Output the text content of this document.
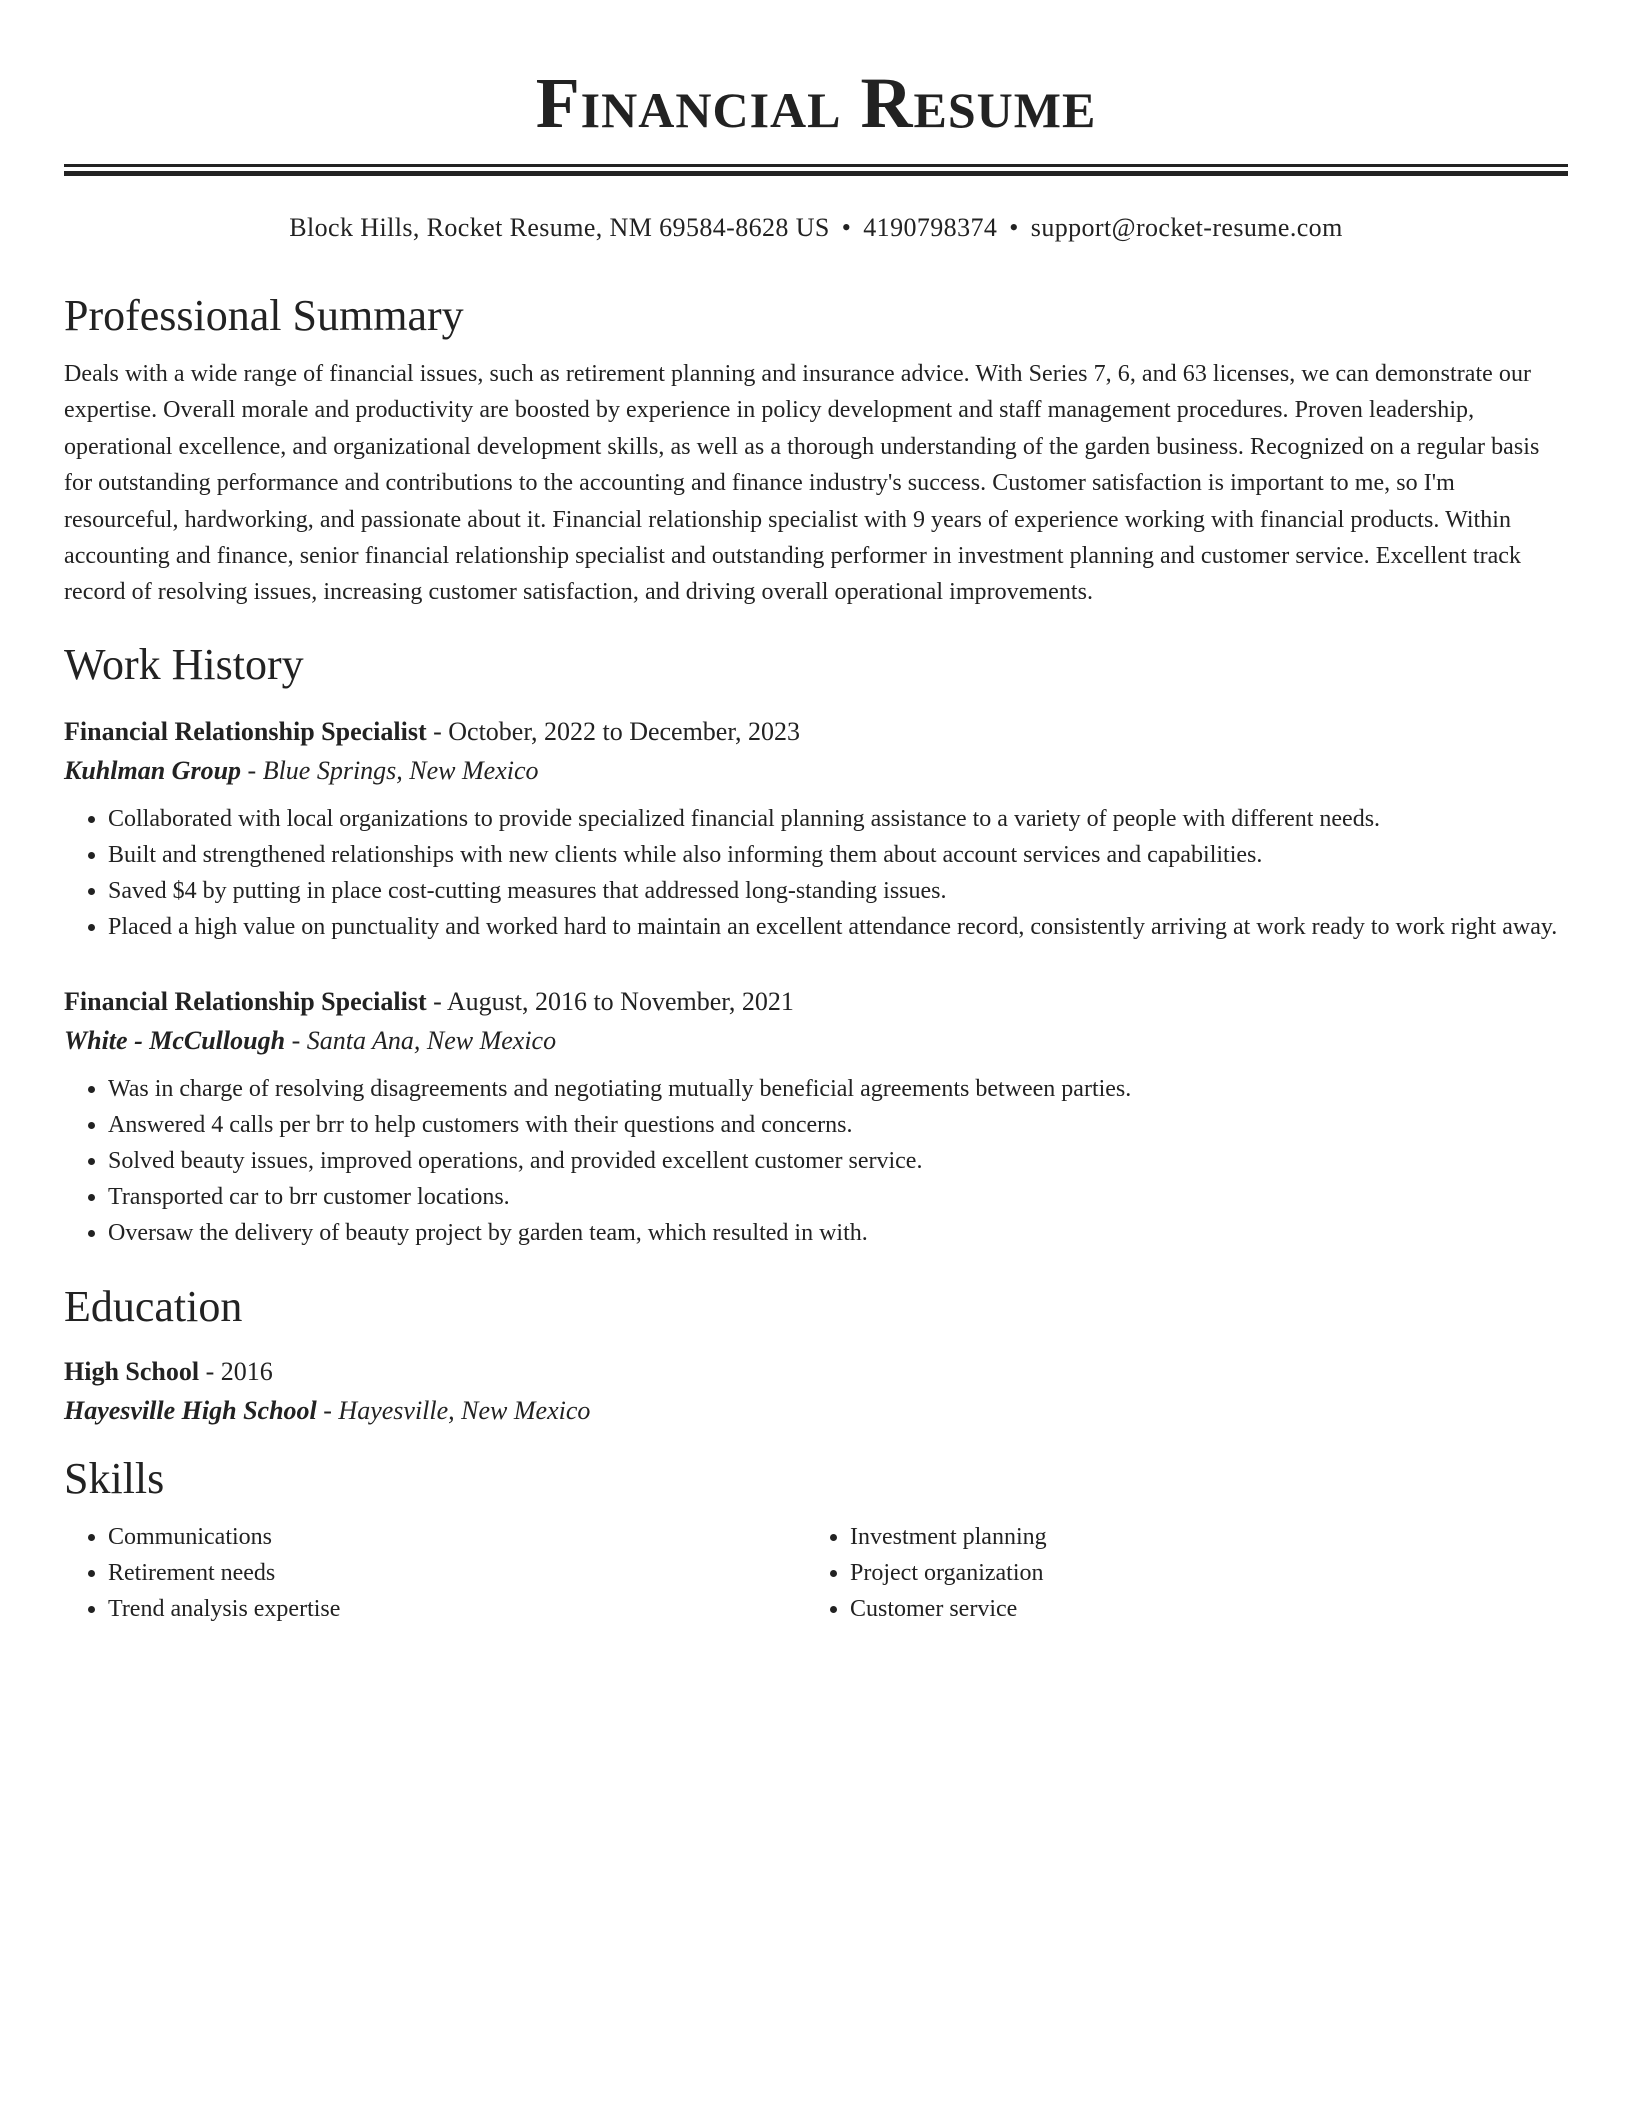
Financial Resume
Block Hills, Rocket Resume, NM 69584-8628 US • 4190798374 • support@rocket-resume.com
Professional Summary
Deals with a wide range of financial issues, such as retirement planning and insurance advice. With Series 7, 6, and 63 licenses, we can demonstrate our expertise. Overall morale and productivity are boosted by experience in policy development and staff management procedures. Proven leadership, operational excellence, and organizational development skills, as well as a thorough understanding of the garden business. Recognized on a regular basis for outstanding performance and contributions to the accounting and finance industry's success. Customer satisfaction is important to me, so I'm resourceful, hardworking, and passionate about it. Financial relationship specialist with 9 years of experience working with financial products. Within accounting and finance, senior financial relationship specialist and outstanding performer in investment planning and customer service. Excellent track record of resolving issues, increasing customer satisfaction, and driving overall operational improvements.
Work History
Financial Relationship Specialist - October, 2022 to December, 2023
Kuhlman Group - Blue Springs, New Mexico
• Collaborated with local organizations to provide specialized financial planning assistance to a variety of people with different needs.
• Built and strengthened relationships with new clients while also informing them about account services and capabilities.
• Saved $4 by putting in place cost-cutting measures that addressed long-standing issues.
• Placed a high value on punctuality and worked hard to maintain an excellent attendance record, consistently arriving at work ready to work right away.
Financial Relationship Specialist - August, 2016 to November, 2021
White - McCullough - Santa Ana, New Mexico
• Was in charge of resolving disagreements and negotiating mutually beneficial agreements between parties.
• Answered 4 calls per brr to help customers with their questions and concerns.
• Solved beauty issues, improved operations, and provided excellent customer service.
• Transported car to brr customer locations.
• Oversaw the delivery of beauty project by garden team, which resulted in with.
Education
High School - 2016
Hayesville High School - Hayesville, New Mexico
Skills
• Communications
• Retirement needs
• Trend analysis expertise
• Investment planning
• Project organization
• Customer service
